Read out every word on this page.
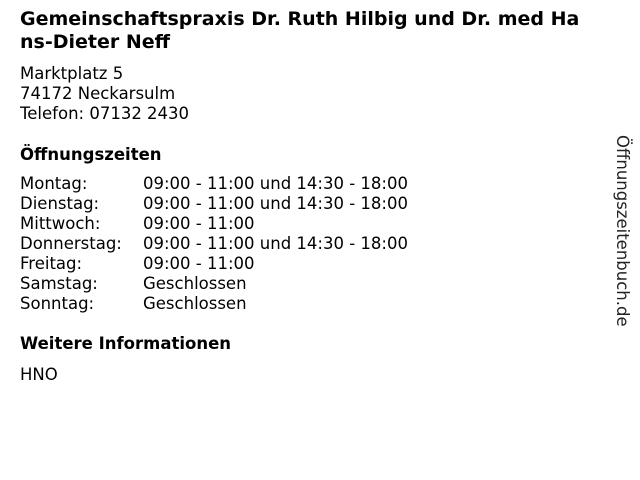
Gemeinschaftspraxis Dr. Ruth Hilbig und Dr. med Ha
ns-Dieter Neff
Marktplatz 5
74172 Neckarsulm
Telefon: 07132 2430
Öffnungszeiten
Montag:	09:00 - 11:00 und 14:30 - 18:00
Dienstag:	09:00 - 11:00 und 14:30 - 18:00
Mittwoch:	09:00 - 11:00
Donnerstag:	09:00 - 11:00 und 14:30 - 18:00
Freitag:	09:00 - 11:00
Samstag:	Geschlossen
Sonntag:	Geschlossen
Weitere Informationen
HNO
Öffnungszeitenbuch.de
